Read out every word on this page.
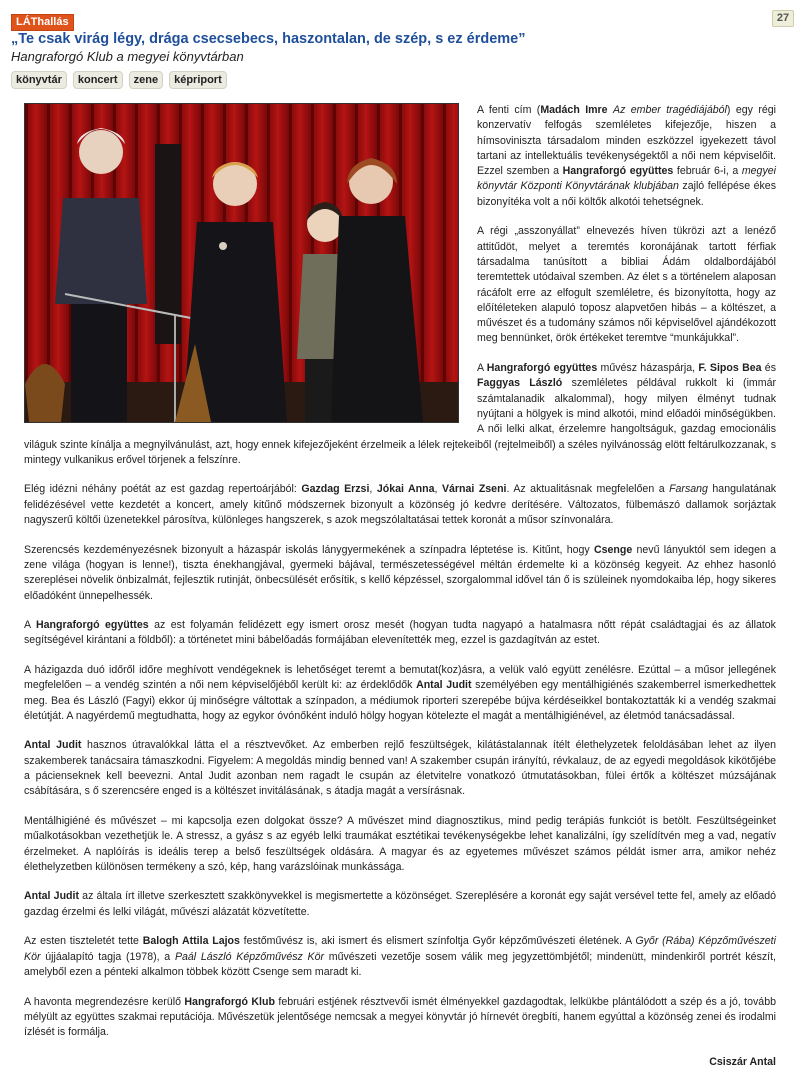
LÁThallás	27
„Te csak virág légy, drága csecsebecs, haszontalan, de szép, s ez érdeme”
Hangraforgó Klub a megyei könyvtárban
könyvtár	koncert	zene	képriport

A fenti cím (Madách Imre Az ember tragédiájából) egy régi konzervatív felfogás szemléletes kifejezője, hiszen a hímsoviniszta társadalom minden eszközzel igyekezett távol tartani az intellektuális tevékenységektől a női nem képviselőit. Ezzel szemben a Hangraforgó együttes február 6-i, a megyei könyvtár Központi Könyvtárának klubjában zajló fellépése ékes bizonyítéka volt a női költők alkotói tehetségnek.

A régi „asszonyállat” elnevezés híven tükrözi azt a lenéző attitűdöt, melyet a teremtés koronájának tartott férfiak társadalma tanúsított a bibliai Ádám oldalbordájából teremtettek utódaival szemben. Az élet s a történelem alaposan rácáfolt erre az elfogult szemléletre, és bizonyította, hogy az előítéleteken alapuló toposz alapvetően hibás – a költészet, a művészet és a tudomány számos női képviselővel ajándékozott meg bennünket, örök értékeket teremtve “munkájukkal”.

A Hangraforgó együttes művész házaspárja, F. Sipos Bea és Faggyas László szemléletes példával rukkolt ki (immár számtalanadik alkalommal), hogy milyen élményt tudnak nyújtani a hölgyek is mind alkotói, mind előadói minőségükben. A női lelki alkat, érzelemre hangoltságuk, gazdag emocionális világuk szinte kínálja a megnyilvánulást, azt, hogy ennek kifejezőjeként érzelmeik a lélek rejtekeiből (rejtelmeiből) a széles nyilvánosság elött feltárulkozzanak, s mintegy vulkanikus erővel törjenek a felszínre.

Elég idézni néhány poétát az est gazdag repertoárjából: Gazdag Erzsi, Jókai Anna, Várnai Zseni. Az aktualitásnak megfelelően a Farsang hangulatának felidézésével vette kezdetét a koncert, amely kitűnő módszernek bizonyult a közönség jó kedvre derítésére. Változatos, fülbemászó dallamok sorjáztak nagyszerű költői üzenetekkel párosítva, különleges hangszerek, s azok megszólaltatásai tettek koronát a műsor színvonalára.

Szerencsés kezdeményezésnek bizonyult a házaspár iskolás lánygyermekének a színpadra léptetése is. Kitűnt, hogy Csenge nevű lányuktól sem idegen a zene világa (hogyan is lenne!), tiszta énekhangjával, gyermeki bájával, természetességével méltán érdemelte ki a közönség kegyeit. Az ehhez hasonló szereplései növelik önbizalmát, fejlesztik rutinját, önbecsülését erősítik, s kellő képzéssel, szorgalommal idővel tán ő is szüleinek nyomdokaiba lép, hogy sikeres előadóként ünnepelhessék.

A Hangraforgó együttes az est folyamán felidézett egy ismert orosz mesét (hogyan tudta nagyapó a hatalmasra nőtt répát családtagjai és az állatok segítségével kirántani a földből): a történetet mini bábelőadás formájában elevenítették meg, ezzel is gazdagítván az estet.

A házigazda duó időről időre meghívott vendégeknek is lehetőséget teremt a bemutat(koz)ásra, a velük való együtt zenélésre. Ezúttal – a műsor jellegének megfelelően – a vendég szintén a női nem képviselőjéből került ki: az érdeklődők Antal Judit személyében egy mentálhigiénés szakemberrel ismerkedhettek meg. Bea és László (Fagyi) ekkor új minőségre váltottak a színpadon, a médiumok riporteri szerepébe bújva kérdéseikkel bontakoztatták ki a vendég szakmai életútját. A nagyérdemű megtudhatta, hogy az egykor óvónőként induló hölgy hogyan kötelezte el magát a mentálhigiénével, az életmód tanácsadással.

Antal Judit hasznos útravalókkal látta el a résztvevőket. Az emberben rejlő feszültségek, kilátástalannak ítélt élethelyzetek feloldásában lehet az ilyen szakemberek tanácsaira támaszkodni. Figyelem: A megoldás mindig benned van! A szakember csupán irányítú, révkalauz, de az egyedi megoldások kikötőjébe a pácienseknek kell beevezni. Antal Judit azonban nem ragadt le csupán az életvitelre vonatkozó útmutatásokban, fülei értők a költészet múzsájának csábítására, s ő szerencsére enged is a költészet invitálásának, s átadja magát a versírásnak.

Mentálhigiéné és művészet – mi kapcsolja ezen dolgokat össze? A művészet mind diagnosztikus, mind pedig terápiás funkciót is betölt. Feszültségeinket műalkotásokban vezethetjük le. A stressz, a gyász s az egyéb lelki traumákat esztétikai tevékenységekbe lehet kanalizálni, így szelídítvén meg a vad, negatív érzelmeket. A naplóírás is ideális terep a belső feszültségek oldására. A magyar és az egyetemes művészet számos példát ismer arra, amikor nehéz élethelyzetben különösen termékeny a szó, kép, hang varázslóinak munkássága.

Antal Judit az általa írt illetve szerkesztett szakkönyvekkel is megismertette a közönséget. Szereplésére a koronát egy saját versével tette fel, amely az előadó gazdag érzelmi és lelki világát, művészi alázatát közvetítette.

Az esten tiszteletét tette Balogh Attila Lajos festőművész is, aki ismert és elismert színfoltja Győr képzőművészeti életének. A Győr (Rába) Képzőművészeti Kör újjáalapító tagja (1978), a Paál László Képzőművész Kör művészeti vezetője sosem válik meg jegyzettömbjétől; mindenütt, mindenkiről portrét készít, amelyből ezen a pénteki alkalmon többek között Csenge sem maradt ki.

A havonta megrendezésre kerülő Hangraforgó Klub februári estjének résztvevői ismét élményekkel gazdagodtak, lelkükbe plántálódott a szép és a jó, tovább mélyült az együttes szakmai reputációja. Művészetük jelentősége nemcsak a megyei könyvtár jó hírnevét öregbíti, hanem egyúttal a közönség zenei és irodalmi ízlését is formálja.

Csiszár Antal
